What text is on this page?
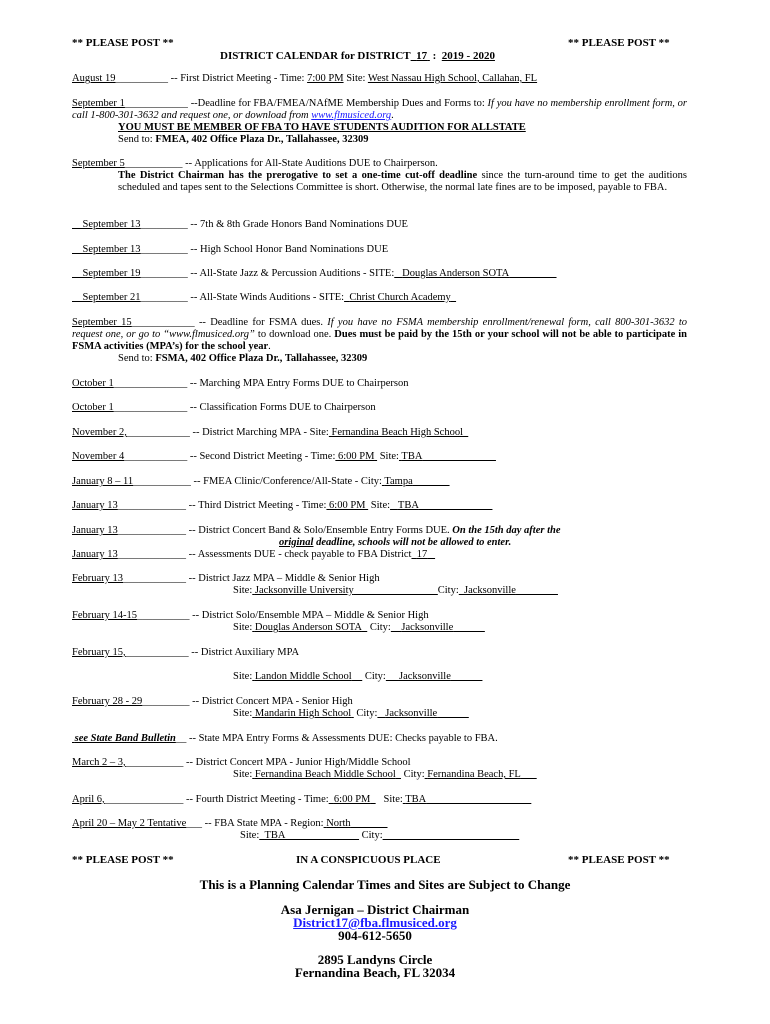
** PLEASE POST **	** PLEASE POST **
DISTRICT CALENDAR for DISTRICT 17 : 2019 - 2020
August 19__________ -- First District Meeting - Time: 7:00 PM Site: West Nassau High School, Callahan, FL
September 1____________ --Deadline for FBA/FMEA/NAfME Membership Dues and Forms to: If you have no membership enrollment form, or call 1-800-301-3632 and request one, or download from www.flmusiced.org.
YOU MUST BE MEMBER OF FBA TO HAVE STUDENTS AUDITION FOR ALLSTATE
Send to: FMEA, 402 Office Plaza Dr., Tallahassee, 32309
September 5___________ -- Applications for All-State Auditions DUE to Chairperson.
The District Chairman has the prerogative to set a one-time cut-off deadline since the turn-around time to get the auditions scheduled and tapes sent to the Selections Committee is short. Otherwise, the normal late fines are to be imposed, payable to FBA.
September 13_________ -- 7th & 8th Grade Honors Band Nominations DUE
September 13_________ -- High School Honor Band Nominations DUE
September 19_________ -- All-State Jazz & Percussion Auditions - SITE: Douglas Anderson SOTA_________
September 21_________ -- All-State Winds Auditions - SITE: Christ Church Academy
September 15____________ -- Deadline for FSMA dues. If you have no FSMA membership enrollment/renewal form, call 800-301-3632 to request one, or go to “www.flmusiced.org” to download one. Dues must be paid by the 15th or your school will not be able to participate in FSMA activities (MPA’s) for the school year.
Send to: FSMA, 402 Office Plaza Dr., Tallahassee, 32309
October 1______________ -- Marching MPA Entry Forms DUE to Chairperson
October 1______________ -- Classification Forms DUE to Chairperson
November 2,____________ -- District Marching MPA - Site: Fernandina Beach High School
November 4____________ -- Second District Meeting - Time: 6:00 PM Site: TBA______________
January 8 – 11___________ -- FMEA Clinic/Conference/All-State - City: Tampa_______
January 13_____________ -- Third District Meeting - Time: 6:00 PM Site: TBA______________
January 13_____________ -- District Concert Band & Solo/Ensemble Entry Forms DUE. On the 15th day after the
original deadline, schools will not be allowed to enter.
January 13_____________ -- Assessments DUE - check payable to FBA District 17
February 13____________ -- District Jazz MPA – Middle & Senior High
Site: Jacksonville University________________City: Jacksonville________
February 14-15__________ -- District Solo/Ensemble MPA – Middle & Senior High
Site: Douglas Anderson SOTA City: Jacksonville______
February 15,____________ -- District Auxiliary MPA
Site: Landon Middle School City: Jacksonville______
February 28 - 29_________ -- District Concert MPA - Senior High
Site: Mandarin High School City: Jacksonville______
see State Band Bulletin__ -- State MPA Entry Forms & Assessments DUE: Checks payable to FBA.
March 2 – 3,___________ -- District Concert MPA - Junior High/Middle School
Site: Fernandina Beach Middle School City: Fernandina Beach, FL___
April 6,_______________ -- Fourth District Meeting - Time: 6:00 PM Site: TBA____________________
April 20 – May 2 Tentative___ -- FBA State MPA - Region: North_______
Site: TBA______________ City:__________________________
** PLEASE POST **	IN A CONSPICUOUS PLACE	** PLEASE POST **
This is a Planning Calendar Times and Sites are Subject to Change
Asa Jernigan – District Chairman
District17@fba.flmusiced.org
904-612-5650
2895 Landyns Circle
Fernandina Beach, FL 32034
